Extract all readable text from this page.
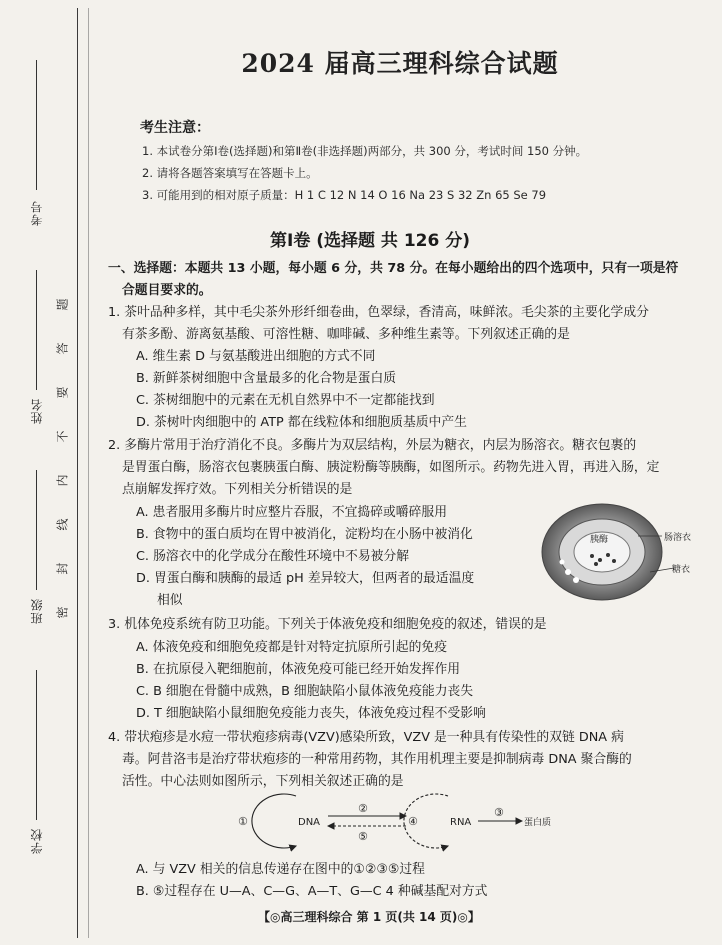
考号
姓名
班级
学校
题
答
要
不
内
线
封
密
2024 届高三理科综合试题
考生注意：
1. 本试卷分第Ⅰ卷(选择题)和第Ⅱ卷(非选择题)两部分，共 300 分，考试时间 150 分钟。
2. 请将各题答案填写在答题卡上。
3. 可能用到的相对原子质量：H 1 C 12 N 14 O 16 Na 23 S 32 Zn 65 Se 79
第Ⅰ卷 (选择题 共 126 分)
一、选择题：本题共 13 小题，每小题 6 分，共 78 分。在每小题给出的四个选项中，只有一项是符
合题目要求的。
1. 茶叶品种多样，其中毛尖茶外形纤细卷曲，色翠绿，香清高，味鲜浓。毛尖茶的主要化学成分
有茶多酚、游离氨基酸、可溶性糖、咖啡碱、多种维生素等。下列叙述正确的是
A. 维生素 D 与氨基酸进出细胞的方式不同
B. 新鲜茶树细胞中含量最多的化合物是蛋白质
C. 茶树细胞中的元素在无机自然界中不一定都能找到
D. 茶树叶肉细胞中的 ATP 都在线粒体和细胞质基质中产生
2. 多酶片常用于治疗消化不良。多酶片为双层结构，外层为糖衣，内层为肠溶衣。糖衣包裹的
是胃蛋白酶，肠溶衣包裹胰蛋白酶、胰淀粉酶等胰酶，如图所示。药物先进入胃，再进入肠，定
点崩解发挥疗效。下列相关分析错误的是
A. 患者服用多酶片时应整片吞服，不宜捣碎或嚼碎服用
B. 食物中的蛋白质均在胃中被消化，淀粉均在小肠中被消化
C. 肠溶衣中的化学成分在酸性环境中不易被分解
D. 胃蛋白酶和胰酶的最适 pH 差异较大，但两者的最适温度
相似
胰酶	肠溶衣
糖衣
3. 机体免疫系统有防卫功能。下列关于体液免疫和细胞免疫的叙述，错误的是
A. 体液免疫和细胞免疫都是针对特定抗原所引起的免疫
B. 在抗原侵入靶细胞前，体液免疫可能已经开始发挥作用
C. B 细胞在骨髓中成熟，B 细胞缺陷小鼠体液免疫能力丧失
D. T 细胞缺陷小鼠细胞免疫能力丧失，体液免疫过程不受影响
4. 带状疱疹是水痘一带状疱疹病毒(VZV)感染所致，VZV 是一种具有传染性的双链 DNA 病
毒。阿昔洛韦是治疗带状疱疹的一种常用药物，其作用机理主要是抑制病毒 DNA 聚合酶的
活性。中心法则如图所示，下列相关叙述正确的是
①	DNA
②
⑤
④	RNA
③
蛋白质
A. 与 VZV 相关的信息传递存在图中的①②③⑤过程
B. ⑤过程存在 U—A、C—G、A—T、G—C 4 种碱基配对方式
【◎高三理科综合 第 1 页(共 14 页)◎】
